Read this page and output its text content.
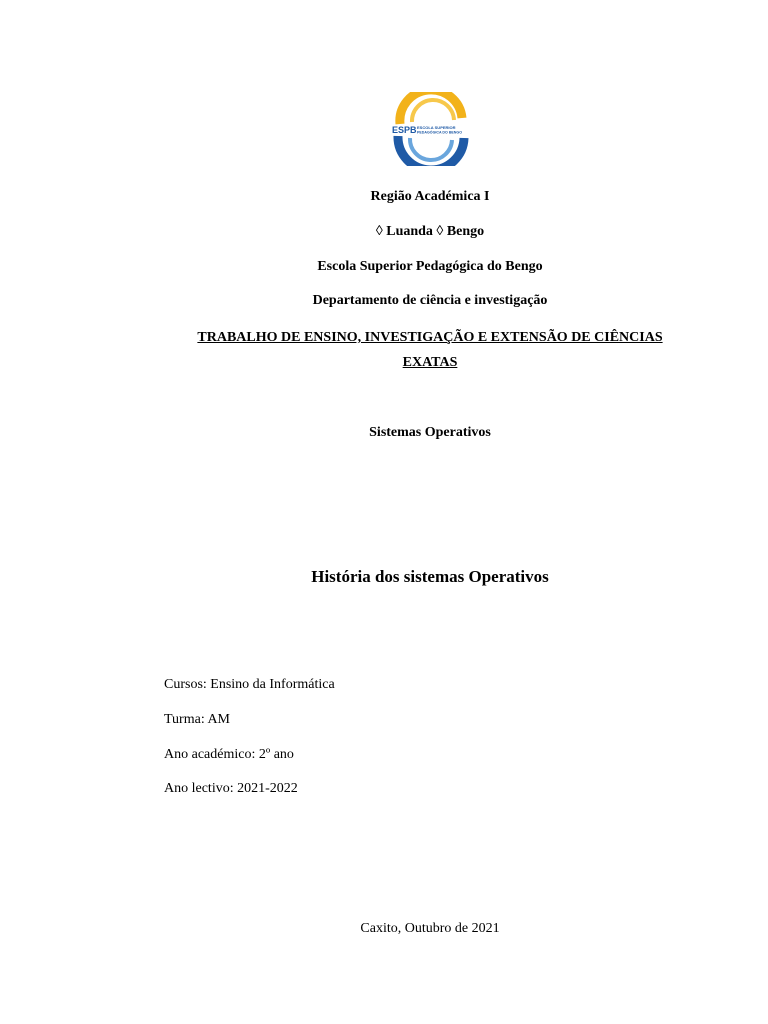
ESPB ESCOLA SUPERIOR
PEDAGÓGICA DO BENGO
Região Académica I
◊ Luanda ◊ Bengo
Escola Superior Pedagógica do Bengo
Departamento de ciência e investigação
TRABALHO DE ENSINO, INVESTIGAÇÃO E EXTENSÃO DE CIÊNCIAS
EXATAS
Sistemas Operativos
História dos sistemas Operativos
Cursos: Ensino da Informática
Turma: AM
Ano académico: 2º ano
Ano lectivo: 2021-2022
Caxito, Outubro de 2021
